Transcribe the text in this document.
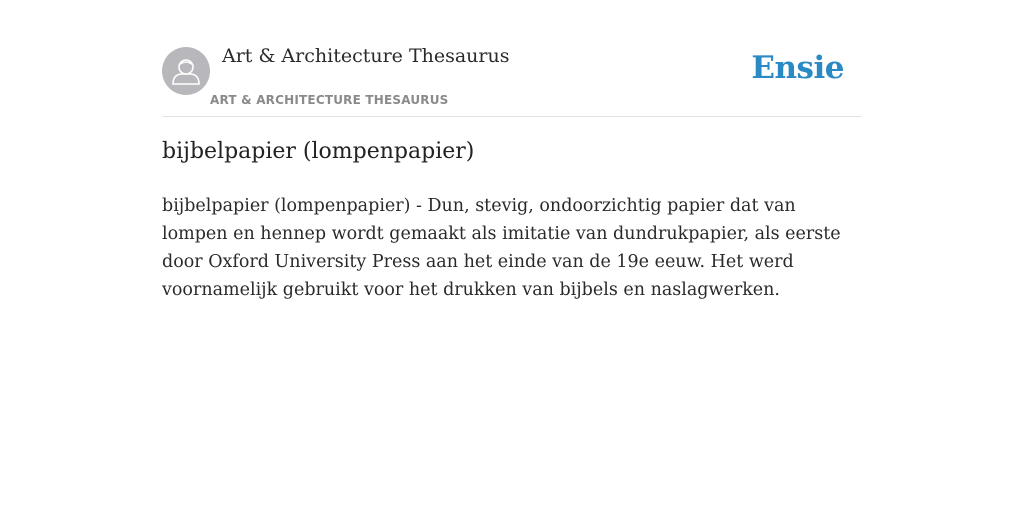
Art & Architecture Thesaurus
ART & ARCHITECTURE THESAURUS
Ensie
bijbelpapier (lompenpapier)

bijbelpapier (lompenpapier) - Dun, stevig, ondoorzichtig papier dat van lompen en hennep wordt gemaakt als imitatie van dundrukpapier, als eerste door Oxford University Press aan het einde van de 19e eeuw. Het werd voornamelijk gebruikt voor het drukken van bijbels en naslagwerken.
